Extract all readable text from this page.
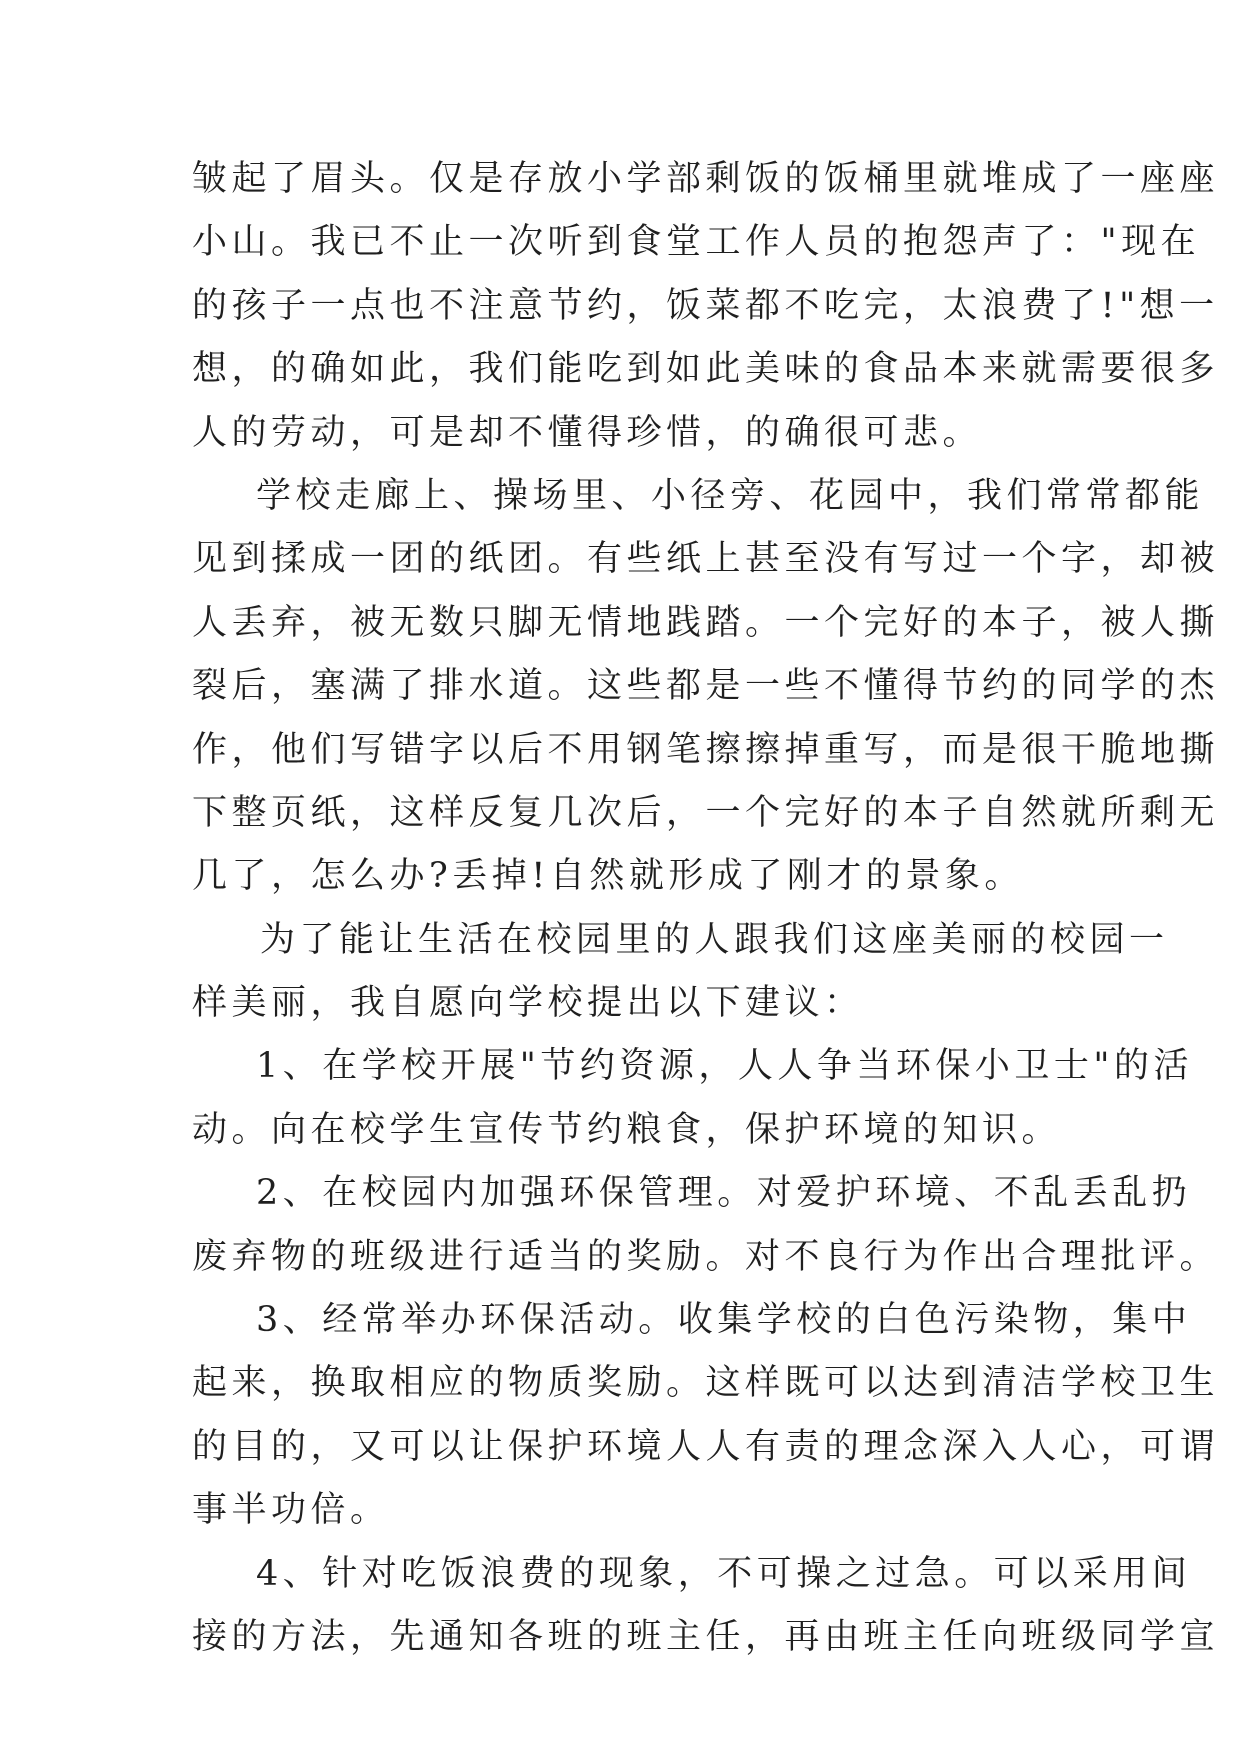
皱起了眉头。仅是存放小学部剩饭的饭桶里就堆成了一座座
小山。我已不止一次听到食堂工作人员的抱怨声了："现在
的孩子一点也不注意节约，饭菜都不吃完，太浪费了!"想一
想，的确如此，我们能吃到如此美味的食品本来就需要很多
人的劳动，可是却不懂得珍惜，的确很可悲。
学校走廊上、操场里、小径旁、花园中，我们常常都能
见到揉成一团的纸团。有些纸上甚至没有写过一个字，却被
人丢弃，被无数只脚无情地践踏。一个完好的本子，被人撕
裂后，塞满了排水道。这些都是一些不懂得节约的同学的杰
作，他们写错字以后不用钢笔擦擦掉重写，而是很干脆地撕
下整页纸，这样反复几次后，一个完好的本子自然就所剩无
几了，怎么办?丢掉!自然就形成了刚才的景象。
为了能让生活在校园里的人跟我们这座美丽的校园一
样美丽，我自愿向学校提出以下建议：
1、在学校开展"节约资源，人人争当环保小卫士"的活
动。向在校学生宣传节约粮食，保护环境的知识。
2、在校园内加强环保管理。对爱护环境、不乱丢乱扔
废弃物的班级进行适当的奖励。对不良行为作出合理批评。
3、经常举办环保活动。收集学校的白色污染物，集中
起来，换取相应的物质奖励。这样既可以达到清洁学校卫生
的目的，又可以让保护环境人人有责的理念深入人心，可谓
事半功倍。
4、针对吃饭浪费的现象，不可操之过急。可以采用间
接的方法，先通知各班的班主任，再由班主任向班级同学宣
